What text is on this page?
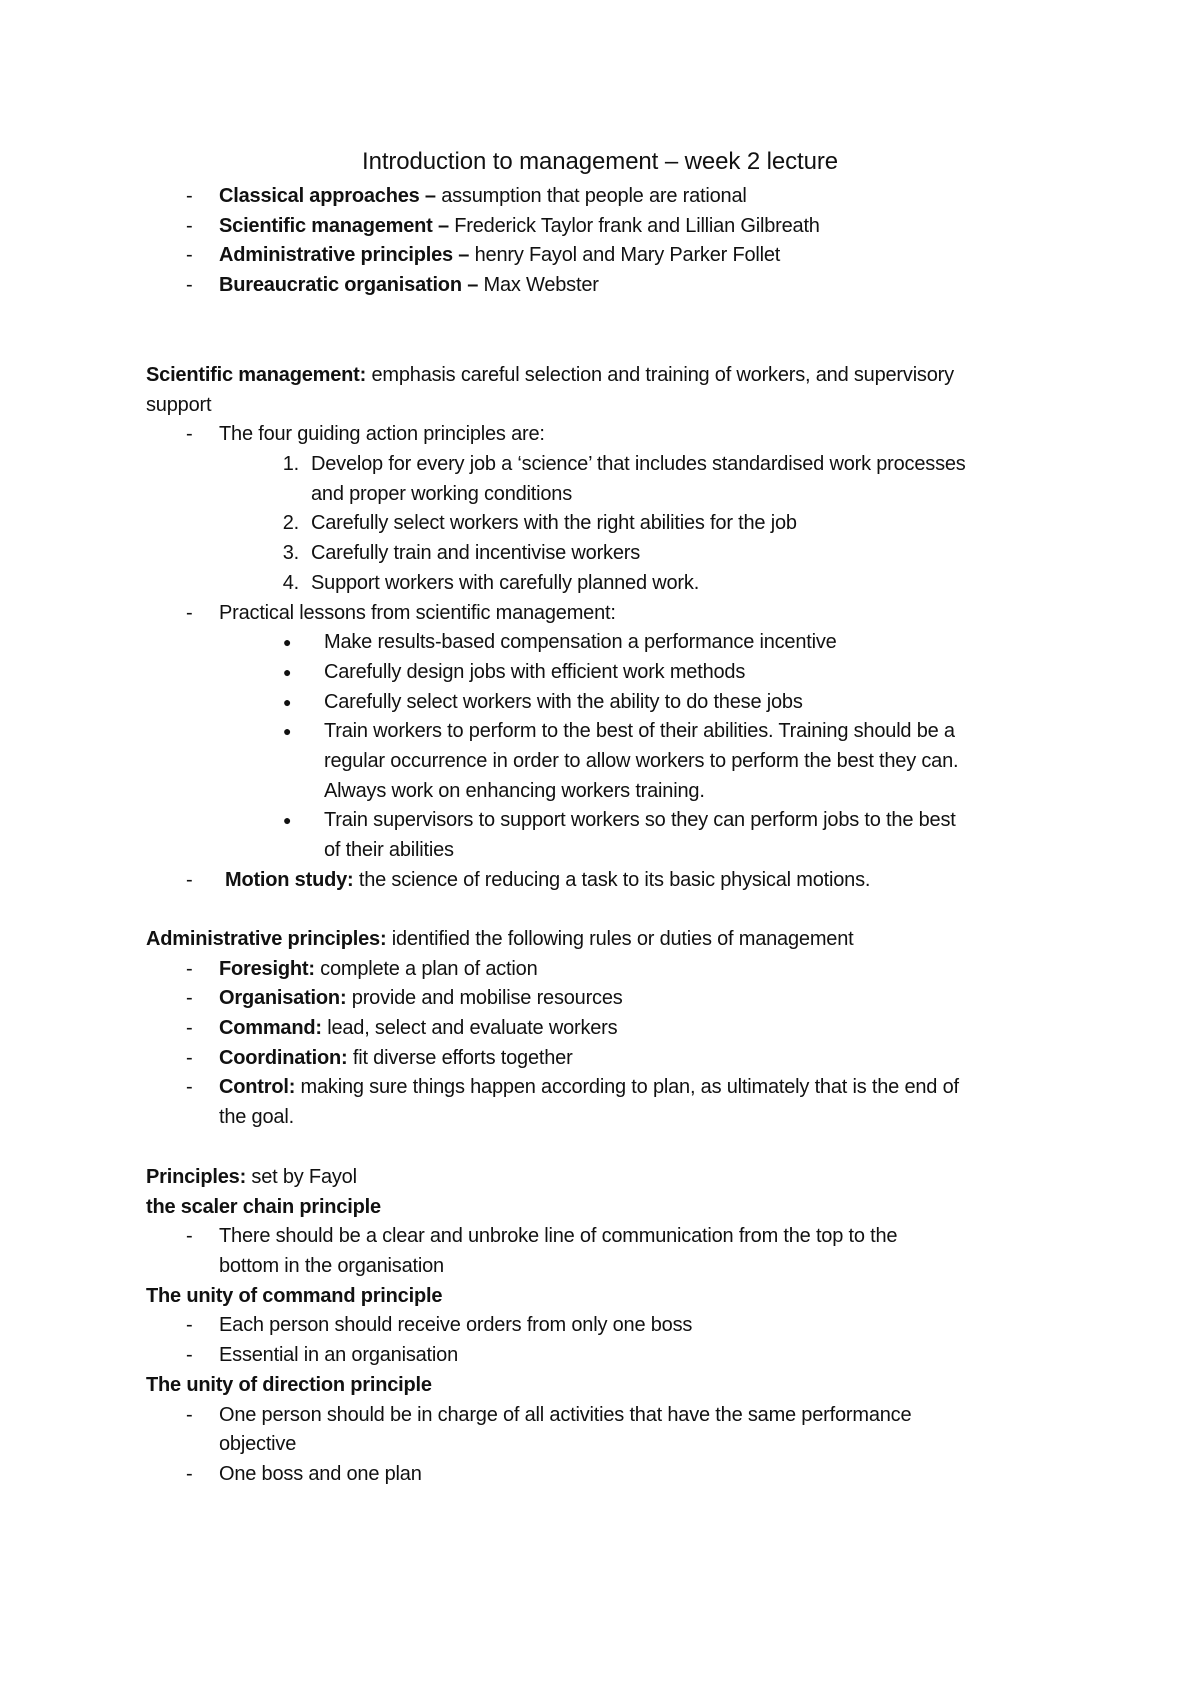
Introduction to management – week 2 lecture
-	Classical approaches – assumption that people are rational
-	Scientific management – Frederick Taylor frank and Lillian Gilbreath
-	Administrative principles – henry Fayol and Mary Parker Follet
-	Bureaucratic organisation – Max Webster
Scientific management: emphasis careful selection and training of workers, and supervisory
support
-	The four guiding action principles are:
1. Develop for every job a ‘science’ that includes standardised work processes
and proper working conditions
2. Carefully select workers with the right abilities for the job
3. Carefully train and incentivise workers
4. Support workers with carefully planned work.
-	Practical lessons from scientific management:
● Make results-based compensation a performance incentive
● Carefully design jobs with efficient work methods
● Carefully select workers with the ability to do these jobs
● Train workers to perform to the best of their abilities. Training should be a
regular occurrence in order to allow workers to perform the best they can.
Always work on enhancing workers training.
● Train supervisors to support workers so they can perform jobs to the best
of their abilities
-	Motion study: the science of reducing a task to its basic physical motions.
Administrative principles: identified the following rules or duties of management
-	Foresight: complete a plan of action
-	Organisation: provide and mobilise resources
-	Command: lead, select and evaluate workers
-	Coordination: fit diverse efforts together
-	Control: making sure things happen according to plan, as ultimately that is the end of
the goal.
Principles: set by Fayol
the scaler chain principle
-	There should be a clear and unbroke line of communication from the top to the
bottom in the organisation
The unity of command principle
-	Each person should receive orders from only one boss
-	Essential in an organisation
The unity of direction principle
-	One person should be in charge of all activities that have the same performance
objective
-	One boss and one plan
